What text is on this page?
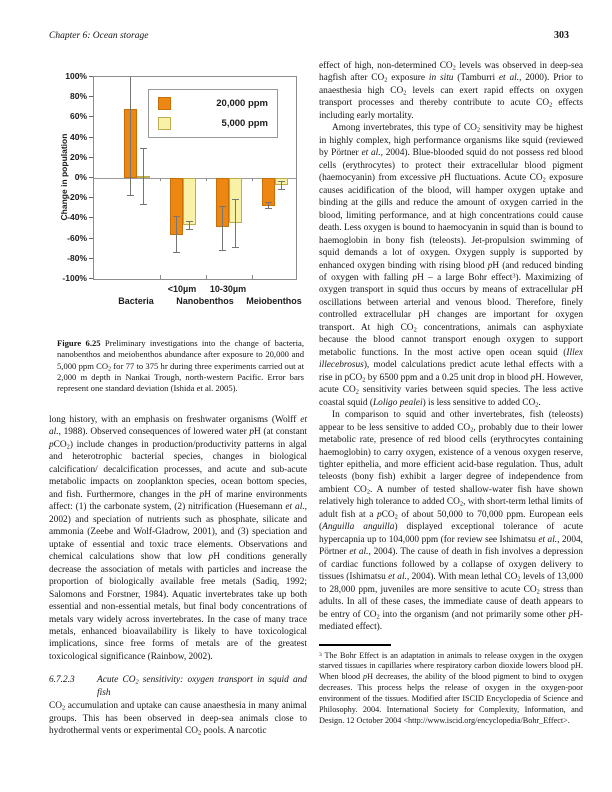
Chapter 6: Ocean storage	303
20,000 ppm
5,000 ppm
100%
80%
60%
40%
20%
0%
-20%
-40%
-60%
-80%
-100%
<10µm	10-30µm
Bacteria	Nanobenthos	Meiobenthos
Change in population
Figure 6.25 Preliminary investigations into the change of bacteria, nanobenthos and meiobenthos abundance after exposure to 20,000 and 5,000 ppm $CO_2$ for 77 to 375 hr during three experiments carried out at 2,000 m depth in Nankai Trough, north-western Pacific. Error bars represent one standard deviation (Ishida et al. 2005).

long history, with an emphasis on freshwater organisms (Wolff et al., 1988). Observed consequences of lowered water pH (at constant pCO$_2$) include changes in production/productivity patterns in algal and heterotrophic bacterial species, changes in biological calcification/ decalcification processes, and acute and sub-acute metabolic impacts on zooplankton species, ocean bottom species, and fish. Furthermore, changes in the pH of marine environments affect: (1) the carbonate system, (2) nitrification (Huesemann et al., 2002) and speciation of nutrients such as phosphate, silicate and ammonia (Zeebe and Wolf-Gladrow, 2001), and (3) speciation and uptake of essential and toxic trace elements. Observations and chemical calculations show that low pH conditions generally decrease the association of metals with particles and increase the proportion of biologically available free metals (Sadiq, 1992; Salomons and Forstner, 1984). Aquatic invertebrates take up both essential and non-essential metals, but final body concentrations of metals vary widely across invertebrates. In the case of many trace metals, enhanced bioavailability is likely to have toxicological implications, since free forms of metals are of the greatest toxicological significance (Rainbow, 2002).

6.7.2.3	Acute $CO_2$ sensitivity: oxygen transport in squid and fish

$CO_2$ accumulation and uptake can cause anaesthesia in many animal groups. This has been observed in deep-sea animals close to hydrothermal vents or experimental $CO_2$ pools. A narcotic

effect of high, non-determined $CO_2$ levels was observed in deep-sea hagfish after $CO_2$ exposure in situ (Tamburri et al., 2000). Prior to anaesthesia high $CO_2$ levels can exert rapid effects on oxygen transport processes and thereby contribute to acute $CO_2$ effects including early mortality.

Among invertebrates, this type of $CO_2$ sensitivity may be highest in highly complex, high performance organisms like squid (reviewed by Pörtner et al., 2004). Blue-blooded squid do not possess red blood cells (erythrocytes) to protect their extracellular blood pigment (haemocyanin) from excessive pH fluctuations. Acute $CO_2$ exposure causes acidification of the blood, will hamper oxygen uptake and binding at the gills and reduce the amount of oxygen carried in the blood, limiting performance, and at high concentrations could cause death. Less oxygen is bound to haemocyanin in squid than is bound to haemoglobin in bony fish (teleosts). Jet-propulsion swimming of squid demands a lot of oxygen. Oxygen supply is supported by enhanced oxygen binding with rising blood pH (and reduced binding of oxygen with falling pH – a large Bohr effect$^3$). Maximizing of oxygen transport in squid thus occurs by means of extracellular pH oscillations between arterial and venous blood. Therefore, finely controlled extracellular pH changes are important for oxygen transport. At high $CO_2$ concentrations, animals can asphyxiate because the blood cannot transport enough oxygen to support metabolic functions. In the most active open ocean squid (Illex illecebrosus), model calculations predict acute lethal effects with a rise in pCO$_2$ by 6500 ppm and a 0.25 unit drop in blood pH. However, acute $CO_2$ sensitivity varies between squid species. The less active coastal squid (Loligo pealei) is less sensitive to added $CO_2$.

In comparison to squid and other invertebrates, fish (teleosts) appear to be less sensitive to added $CO_2$, probably due to their lower metabolic rate, presence of red blood cells (erythrocytes containing haemoglobin) to carry oxygen, existence of a venous oxygen reserve, tighter epithelia, and more efficient acid-base regulation. Thus, adult teleosts (bony fish) exhibit a larger degree of independence from ambient $CO_2$. A number of tested shallow-water fish have shown relatively high tolerance to added $CO_2$, with short-term lethal limits of adult fish at a pCO$_2$ of about 50,000 to 70,000 ppm. European eels (Anguilla anguilla) displayed exceptional tolerance of acute hypercapnia up to 104,000 ppm (for review see Ishimatsu et al., 2004, Pörtner et al., 2004). The cause of death in fish involves a depression of cardiac functions followed by a collapse of oxygen delivery to tissues (Ishimatsu et al., 2004). With mean lethal $CO_2$ levels of 13,000 to 28,000 ppm, juveniles are more sensitive to acute $CO_2$ stress than adults. In all of these cases, the immediate cause of death appears to be entry of $CO_2$ into the organism (and not primarily some other pH-mediated effect).

$^3$ The Bohr Effect is an adaptation in animals to release oxygen in the oxygen starved tissues in capillaries where respiratory carbon dioxide lowers blood pH. When blood pH decreases, the ability of the blood pigment to bind to oxygen decreases. This process helps the release of oxygen in the oxygen-poor environment of the tissues. Modified after ISCID Encyclopedia of Science and Philosophy. 2004. International Society for Complexity, Information, and Design. 12 October 2004 <http://www.iscid.org/encyclopedia/Bohr_Effect>.
